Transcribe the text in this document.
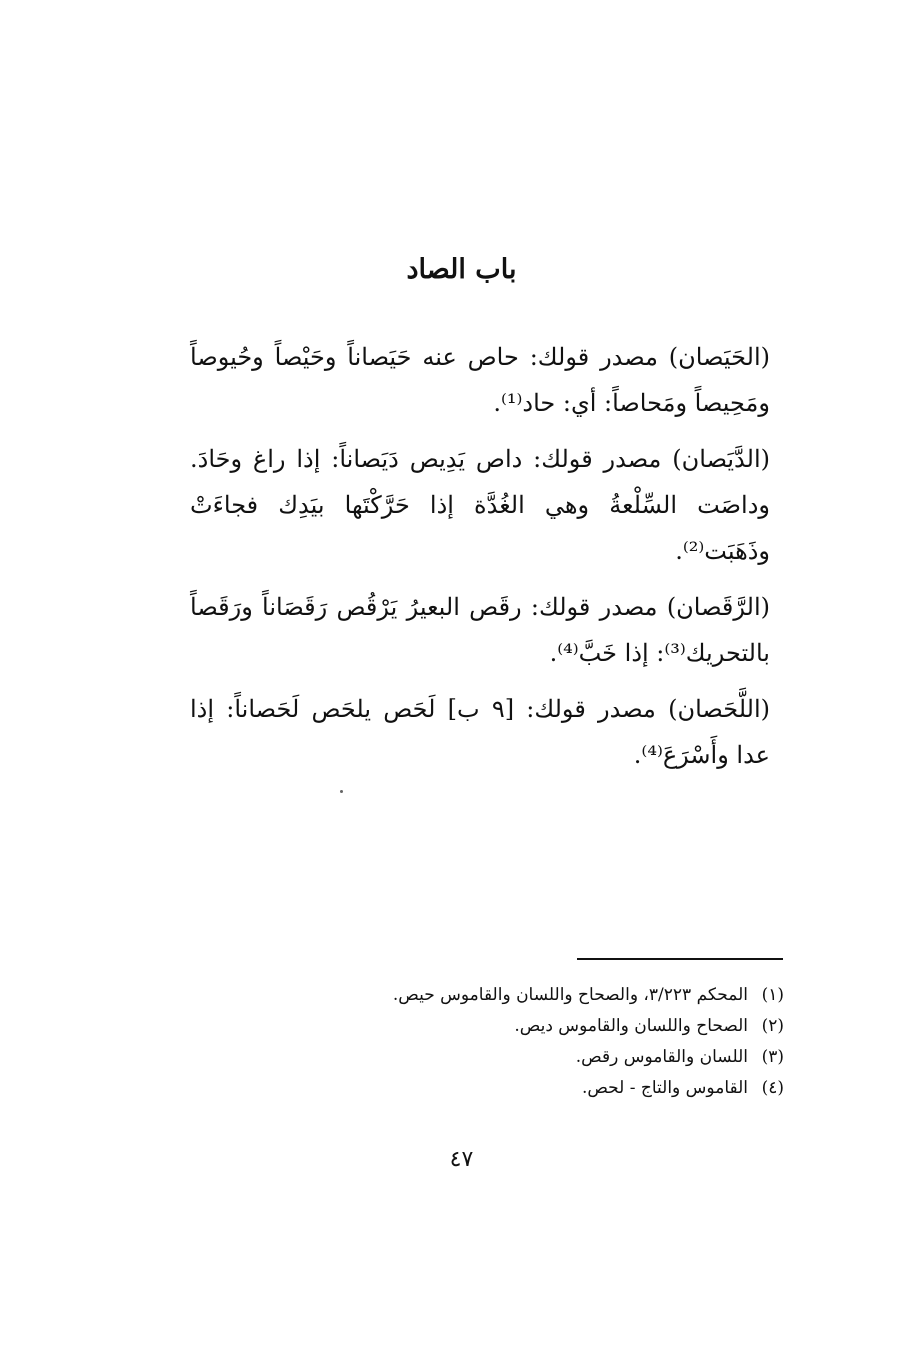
باب الصاد

(الحَيَصان) مصدر قولك: حاص عنه حَيَصاناً وحَيْصاً وحُيوصاً ومَحِيصاً ومَحاصاً: أي: حاد⁽¹⁾.

(الدَّيَصان) مصدر قولك: داص يَدِيص دَيَصاناً: إذا راغ وحَادَ. وداصَت السِّلْعةُ وهي الغُدَّة إذا حَرَّكْتَها بيَدِك فجاءَتْ وذَهَبَت⁽²⁾.

(الرَّقَصان) مصدر قولك: رقَص البعيرُ يَرْقُص رَقَصَاناً ورَقَصاً بالتحريك⁽³⁾: إذا خَبَّ⁽⁴⁾.

(اللَّحَصان) مصدر قولك: [٩ ب] لَحَص يلحَص لَحَصاناً: إذا عدا وأَسْرَعَ⁽⁴⁾.

(١)المحكم ٣/٢٢٣، والصحاح واللسان والقاموس حيص.

(٢)الصحاح واللسان والقاموس ديص.

(٣)اللسان والقاموس رقص.

(٤)القاموس والتاج - لحص.

٤٧
